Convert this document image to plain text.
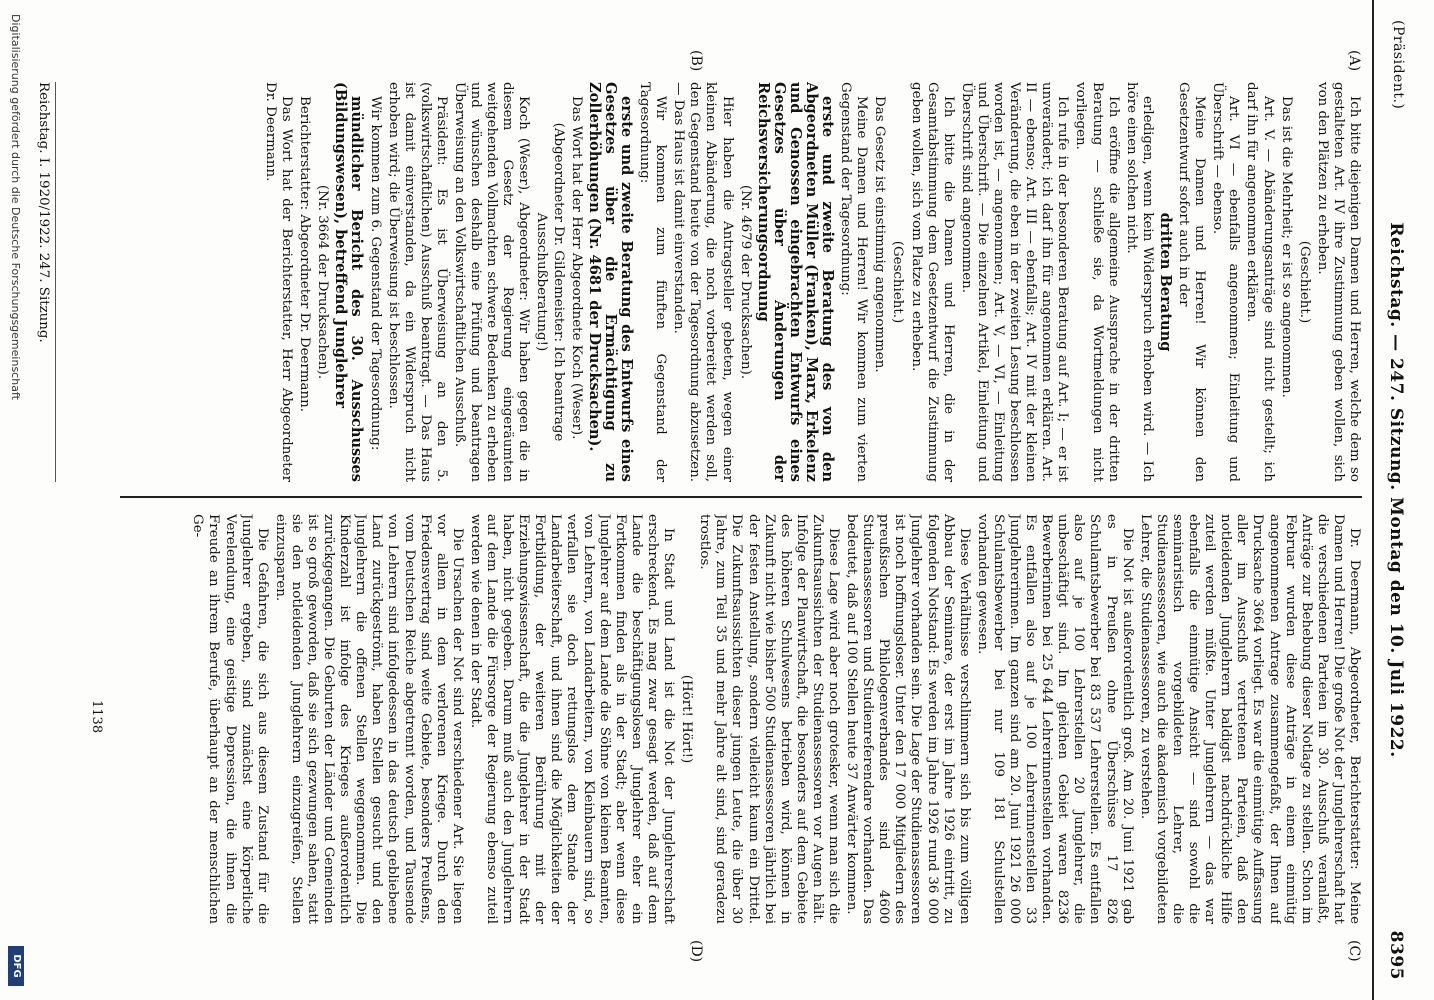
(Präsident.)
Reichstag. — 247. Sitzung. Montag den 10. Juli 1922.
8395
(A)
(B)
(C)
(D)

Ich bitte diejenigen Damen und Herren, welche dem so gestalteten Art. IV ihre Zustimmung geben wollen, sich von den Plätzen zu erheben.

(Geschieht.)

Das ist die Mehrheit; er ist so angenommen.

Art. V. — Abänderungsanträge sind nicht gestellt; ich darf ihn für angenommen erklären.

Art. VI — ebenfalls angenommen; Einleitung und Überschrift — ebenso.

Meine Damen und Herren! Wir können den Gesetzentwurf sofort auch in der

dritten Beratung

erledigen, wenn kein Widerspruch erhoben wird. — Ich höre einen solchen nicht.

Ich eröffne die allgemeine Aussprache in der dritten Beratung — schließe sie, da Wortmeldungen nicht vorliegen.

Ich rufe in der besonderen Beratung auf Art. I; — er ist unverändert; ich darf ihn für angenommen erklären. Art. II — ebenso; Art. III — ebenfalls; Art. IV mit der kleinen Veränderung, die eben in der zweiten Lesung beschlossen worden ist, — angenommen; Art. V, — VI, — Einleitung und Überschrift. — Die einzelnen Artikel, Einleitung und Überschrift sind angenommen.

Ich bitte die Damen und Herren, die in der Gesamtabstimmung dem Gesetzentwurf die Zustimmung geben wollen, sich vom Platze zu erheben.

(Geschieht.)

Das Gesetz ist einstimmig angenommen.

Meine Damen und Herren! Wir kommen zum vierten Gegenstand der Tagesordnung:

erste und zweite Beratung des von den Abgeordneten Müller (Franken), Marx, Erkelenz und Genossen eingebrachten Entwurfs eines Gesetzes über Änderungen der Reichsversicherungsordnung

(Nr. 4679 der Drucksachen).

Hier haben die Antragsteller gebeten, wegen einer kleinen Abänderung, die noch vorbereitet werden soll, den Gegenstand heute von der Tagesordnung abzusetzen. — Das Haus ist damit einverstanden.

Wir kommen zum fünften Gegenstand der Tagesordnung:

erste und zweite Beratung des Entwurfs eines Gesetzes über die Ermächtigung zu Zollerhöhungen (Nr. 4681 der Drucksachen).

Das Wort hat der Herr Abgeordnete Koch (Weser).

(Abgeordneter Dr. Gildemeister: Ich beantrage Ausschußberatung!)

Koch (Weser), Abgeordneter: Wir haben gegen die in diesem Gesetz der Regierung eingeräumten weitgehenden Vollmachten schwere Bedenken zu erheben und wünschen deshalb eine Prüfung und beantragen Überweisung an den Volkswirtschaftlichen Ausschuß.

Präsident: Es ist Überweisung an den 5. (volkswirtschaftlichen) Ausschuß beantragt. — Das Haus ist damit einverstanden, da ein Widerspruch nicht erhoben wird; die Überweisung ist beschlossen.

Wir kommen zum 6. Gegenstand der Tagesordnung:

mündlicher Bericht des 30. Ausschusses (Bildungswesen), betreffend Junglehrer

(Nr. 3664 der Drucksachen).

Berichterstatter: Abgeordneter Dr. Deermann.

Das Wort hat der Berichterstatter, Herr Abgeordneter Dr. Deermann.

Dr. Deermann, Abgeordneter, Berichterstatter: Meine Damen und Herren! Die große Not der Junglehrerschaft hat die verschiedenen Parteien im 30. Ausschuß veranlaßt, Anträge zur Behebung dieser Notlage zu stellen. Schon im Februar wurden diese Anträge in einem einmütig angenommenen Antrage zusammengefaßt, der Ihnen auf Drucksache 3664 vorliegt. Es war die einmütige Auffassung aller im Ausschuß vertretenen Parteien, daß den notleidenden Junglehrern baldigst nachdrückliche Hilfe zuteil werden müßte. Unter Junglehrern — das war ebenfalls die einmütige Ansicht — sind sowohl die seminaristisch vorgebildeten Lehrer, die Studienassessoren, wie auch die akademisch vorgebildeten Lehrer, die Studienassessoren, zu verstehen.

Die Not ist außerordentlich groß. Am 20. Juni 1921 gab es in Preußen ohne Überschüsse 17 826 Schulamtsbewerber bei 83 537 Lehrerstellen. Es entfallen also auf je 100 Lehrerstellen 20 Junglehrer, die unbeschäftigt sind. Im gleichen Gebiet waren 8236 Bewerberinnen bei 25 644 Lehrerinnenstellen vorhanden. Es entfallen also auf je 100 Lehrerinnenstellen 33 Junglehrerinnen. Im ganzen sind am 20. Juni 1921 26 000 Schulamtsbewerber bei nur 109 181 Schulstellen vorhanden gewesen.

Diese Verhältnisse verschlimmern sich bis zum völligen Abbau der Seminare, der erst im Jahre 1926 eintritt, zu folgenden Notstand: Es werden im Jahre 1926 rund 36 000 Junglehrer vorhanden sein. Die Lage der Studienassessoren ist noch hoffnungsloser. Unter den 17 000 Mitgliedern des preußischen Philologenverbandes sind 4600 Studienassessoren und Studienreferendare vorhanden. Das bedeutet, daß auf 100 Stellen heute 37 Anwärter kommen.

Diese Lage wird aber noch grotesker, wenn man sich die Zukunftsaussichten der Studienassessoren vor Augen hält. Infolge der Planwirtschaft, die besonders auf dem Gebiete des höheren Schulwesens betrieben wird, können in Zukunft nicht wie bisher 500 Studienassessoren jährlich bei der festen Anstellung, sondern vielleicht kaum ein Drittel. Die Zukunftsaussichten dieser jungen Leute, die über 30 Jahre, zum Teil 35 und mehr Jahre alt sind, sind geradezu trostlos.

(Hört! Hört!)

In Stadt und Land ist die Not der Junglehrerschaft erschreckend. Es mag zwar gesagt werden, daß auf dem Lande die beschäftigungslosen Junglehrer eher ein Fortkommen finden als in der Stadt; aber wenn diese Junglehrer auf dem Lande die Söhne von kleinen Beamten, von Lehrern, von Landarbeitern, von Kleinbauern sind, so verfallen sie doch rettungslos dem Stande der Landarbeiterschaft, und ihnen sind die Möglichkeiten der Fortbildung, der weiteren Berührung mit der Erziehungswissenschaft, die die Junglehrer in der Stadt haben, nicht gegeben. Darum muß auch den Junglehrern auf dem Lande die Fürsorge der Regierung ebenso zuteil werden wie denen in der Stadt.

Die Ursachen der Not sind verschiedener Art. Sie liegen vor allem in dem verlorenen Kriege. Durch den Friedensvertrag sind weite Gebiete, besonders Preußens, vom Deutschen Reiche abgetrennt worden, und Tausende von Lehrern sind infolgedessen in das deutsch gebliebene Land zurückgeströmt, haben Stellen gesucht und den Junglehrern die offenen Stellen weggenommen. Die Kinderzahl ist infolge des Krieges außerordentlich zurückgegangen. Die Geburten der Länder und Gemeinden ist so groß geworden, daß sie sich gezwungen sahen, statt sie den notleidenden Junglehrern einzugreifen, Stellen einzusparen.

Die Gefahren, die sich aus diesem Zustand für die Junglehrer ergeben, sind zunächst eine körperliche Verelendung, eine geistige Depression, die ihnen die Freude an ihrem Berufe, überhaupt an der menschlichen Ge-

Reichstag. I. 1920/1922. 247. Sitzung.
1138
Digitalisierung gefördert durch die Deutsche Forschungsgemeinschaft
DFG
